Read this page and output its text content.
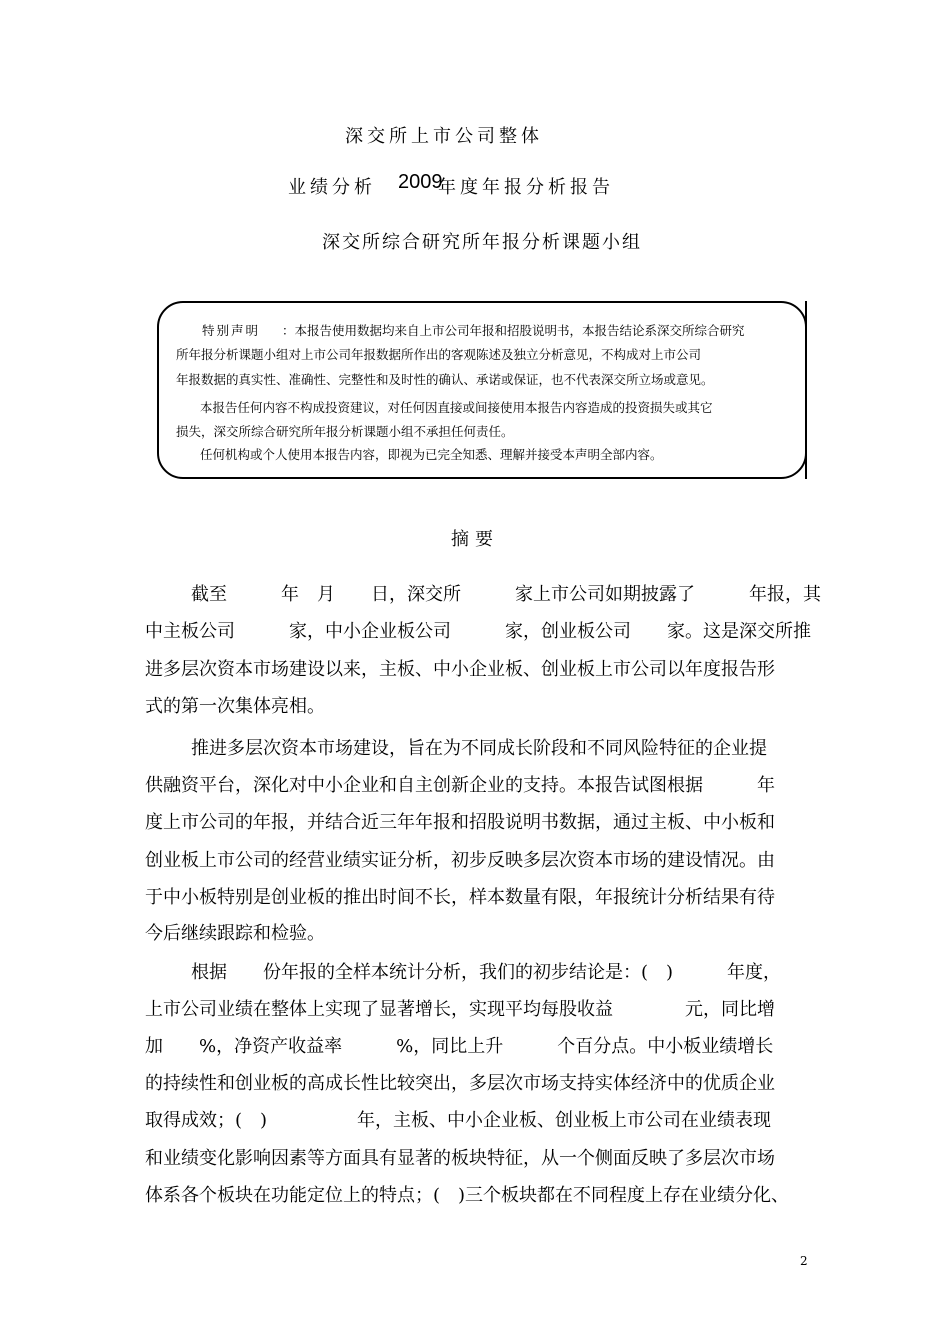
深交所上市公司整体
业绩分析 2009
年度年报分析报告
深交所综合研究所年报分析课题小组
特别声明 ：本报告使用数据均来自上市公司年报和招股说明书，本报告结论系深交所综合研究
所年报分析课题小组对上市公司年报数据所作出的客观陈述及独立分析意见，不构成对上市公司
年报数据的真实性、准确性、完整性和及时性的确认、承诺或保证，也不代表深交所立场或意见。
本报告任何内容不构成投资建议，对任何因直接或间接使用本报告内容造成的投资损失或其它
损失，深交所综合研究所年报分析课题小组不承担任何责任。
任何机构或个人使用本报告内容，即视为已完全知悉、理解并接受本声明全部内容。
摘要
截至　　　年　月　　日，深交所　　　家上市公司如期披露了　　　年报，其
中主板公司　　　家，中小企业板公司　　　家，创业板公司　　家。这是深交所推
进多层次资本市场建设以来，主板、中小企业板、创业板上市公司以年度报告形
式的第一次集体亮相。
推进多层次资本市场建设，旨在为不同成长阶段和不同风险特征的企业提
供融资平台，深化对中小企业和自主创新企业的支持。本报告试图根据　　　年
度上市公司的年报，并结合近三年年报和招股说明书数据，通过主板、中小板和
创业板上市公司的经营业绩实证分析，初步反映多层次资本市场的建设情况。由
于中小板特别是创业板的推出时间不长，样本数量有限，年报统计分析结果有待
今后继续跟踪和检验。
根据　　份年报的全样本统计分析，我们的初步结论是：(　)　　　年度，
上市公司业绩在整体上实现了显著增长，实现平均每股收益　　　　元，同比增
加　　%，净资产收益率　　　%，同比上升　　　个百分点。中小板业绩增长
的持续性和创业板的高成长性比较突出，多层次市场支持实体经济中的优质企业
取得成效；(　)　　　　　年，主板、中小企业板、创业板上市公司在业绩表现
和业绩变化影响因素等方面具有显著的板块特征，从一个侧面反映了多层次市场
体系各个板块在功能定位上的特点；(　)三个板块都在不同程度上存在业绩分化、
2
